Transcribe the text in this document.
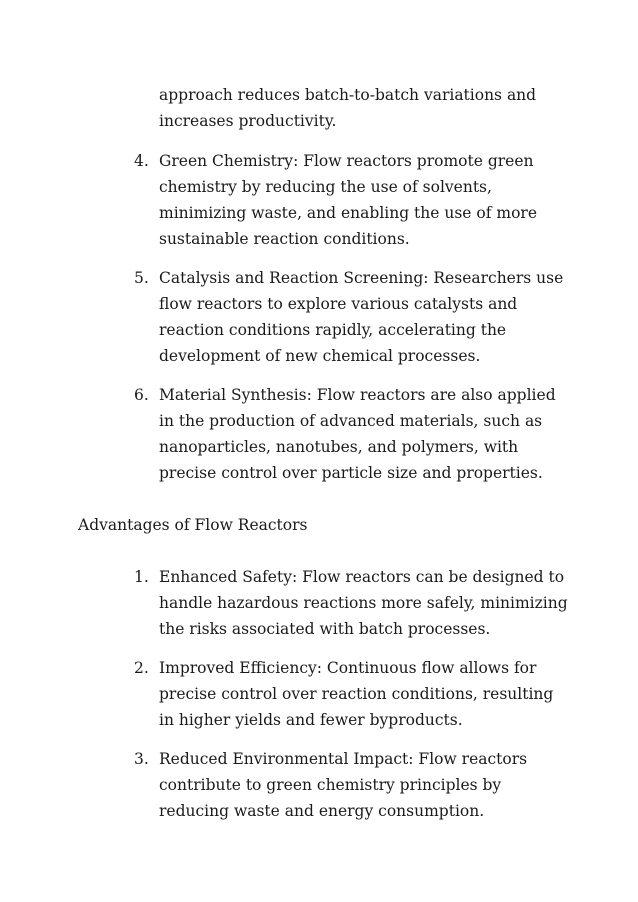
approach reduces batch-to-batch variations and increases productivity.

4. Green Chemistry: Flow reactors promote green chemistry by reducing the use of solvents, minimizing waste, and enabling the use of more sustainable reaction conditions.
5. Catalysis and Reaction Screening: Researchers use flow reactors to explore various catalysts and reaction conditions rapidly, accelerating the development of new chemical processes.
6. Material Synthesis: Flow reactors are also applied in the production of advanced materials, such as nanoparticles, nanotubes, and polymers, with precise control over particle size and properties.
Advantages of Flow Reactors
1. Enhanced Safety: Flow reactors can be designed to handle hazardous reactions more safely, minimizing the risks associated with batch processes.
2. Improved Efficiency: Continuous flow allows for precise control over reaction conditions, resulting in higher yields and fewer byproducts.
3. Reduced Environmental Impact: Flow reactors contribute to green chemistry principles by reducing waste and energy consumption.
